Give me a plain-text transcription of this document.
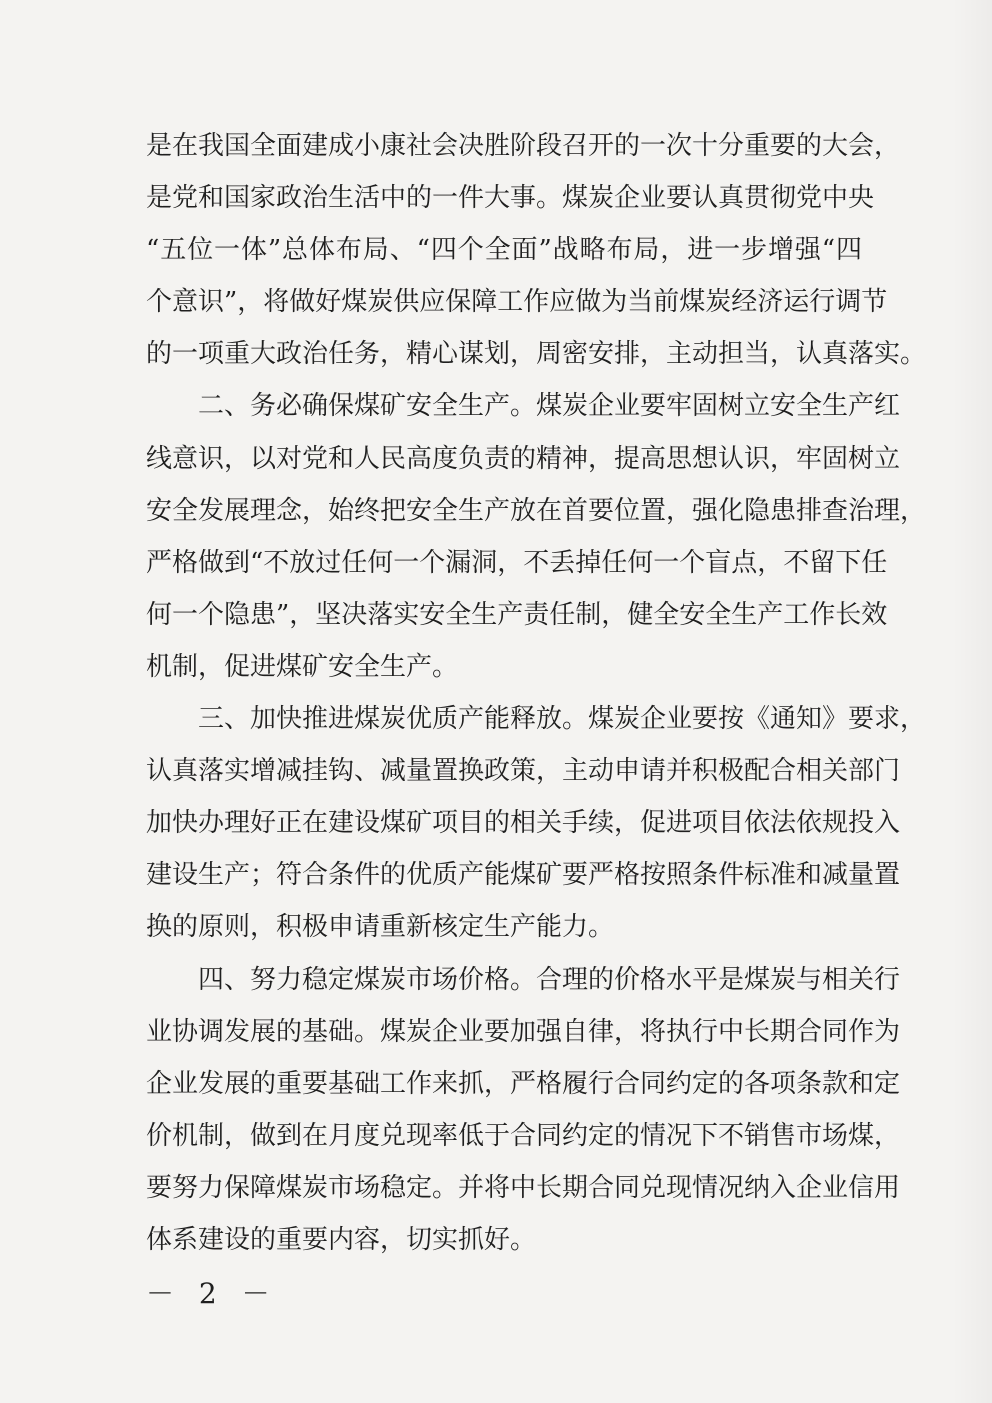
是在我国全面建成小康社会决胜阶段召开的一次十分重要的大会，
是党和国家政治生活中的一件大事。煤炭企业要认真贯彻党中央
“五位一体”总体布局、“四个全面”战略布局，进一步增强“四
个意识”，将做好煤炭供应保障工作应做为当前煤炭经济运行调节
的一项重大政治任务，精心谋划，周密安排，主动担当，认真落实。
二、务必确保煤矿安全生产。煤炭企业要牢固树立安全生产红
线意识，以对党和人民高度负责的精神，提高思想认识，牢固树立
安全发展理念，始终把安全生产放在首要位置，强化隐患排查治理，
严格做到“不放过任何一个漏洞，不丢掉任何一个盲点，不留下任
何一个隐患”，坚决落实安全生产责任制，健全安全生产工作长效
机制，促进煤矿安全生产。
三、加快推进煤炭优质产能释放。煤炭企业要按《通知》要求，
认真落实增减挂钩、减量置换政策，主动申请并积极配合相关部门
加快办理好正在建设煤矿项目的相关手续，促进项目依法依规投入
建设生产；符合条件的优质产能煤矿要严格按照条件标准和减量置
换的原则，积极申请重新核定生产能力。
四、努力稳定煤炭市场价格。合理的价格水平是煤炭与相关行
业协调发展的基础。煤炭企业要加强自律，将执行中长期合同作为
企业发展的重要基础工作来抓，严格履行合同约定的各项条款和定
价机制，做到在月度兑现率低于合同约定的情况下不销售市场煤，
要努力保障煤炭市场稳定。并将中长期合同兑现情况纳入企业信用
体系建设的重要内容，切实抓好。
－ 2 －
